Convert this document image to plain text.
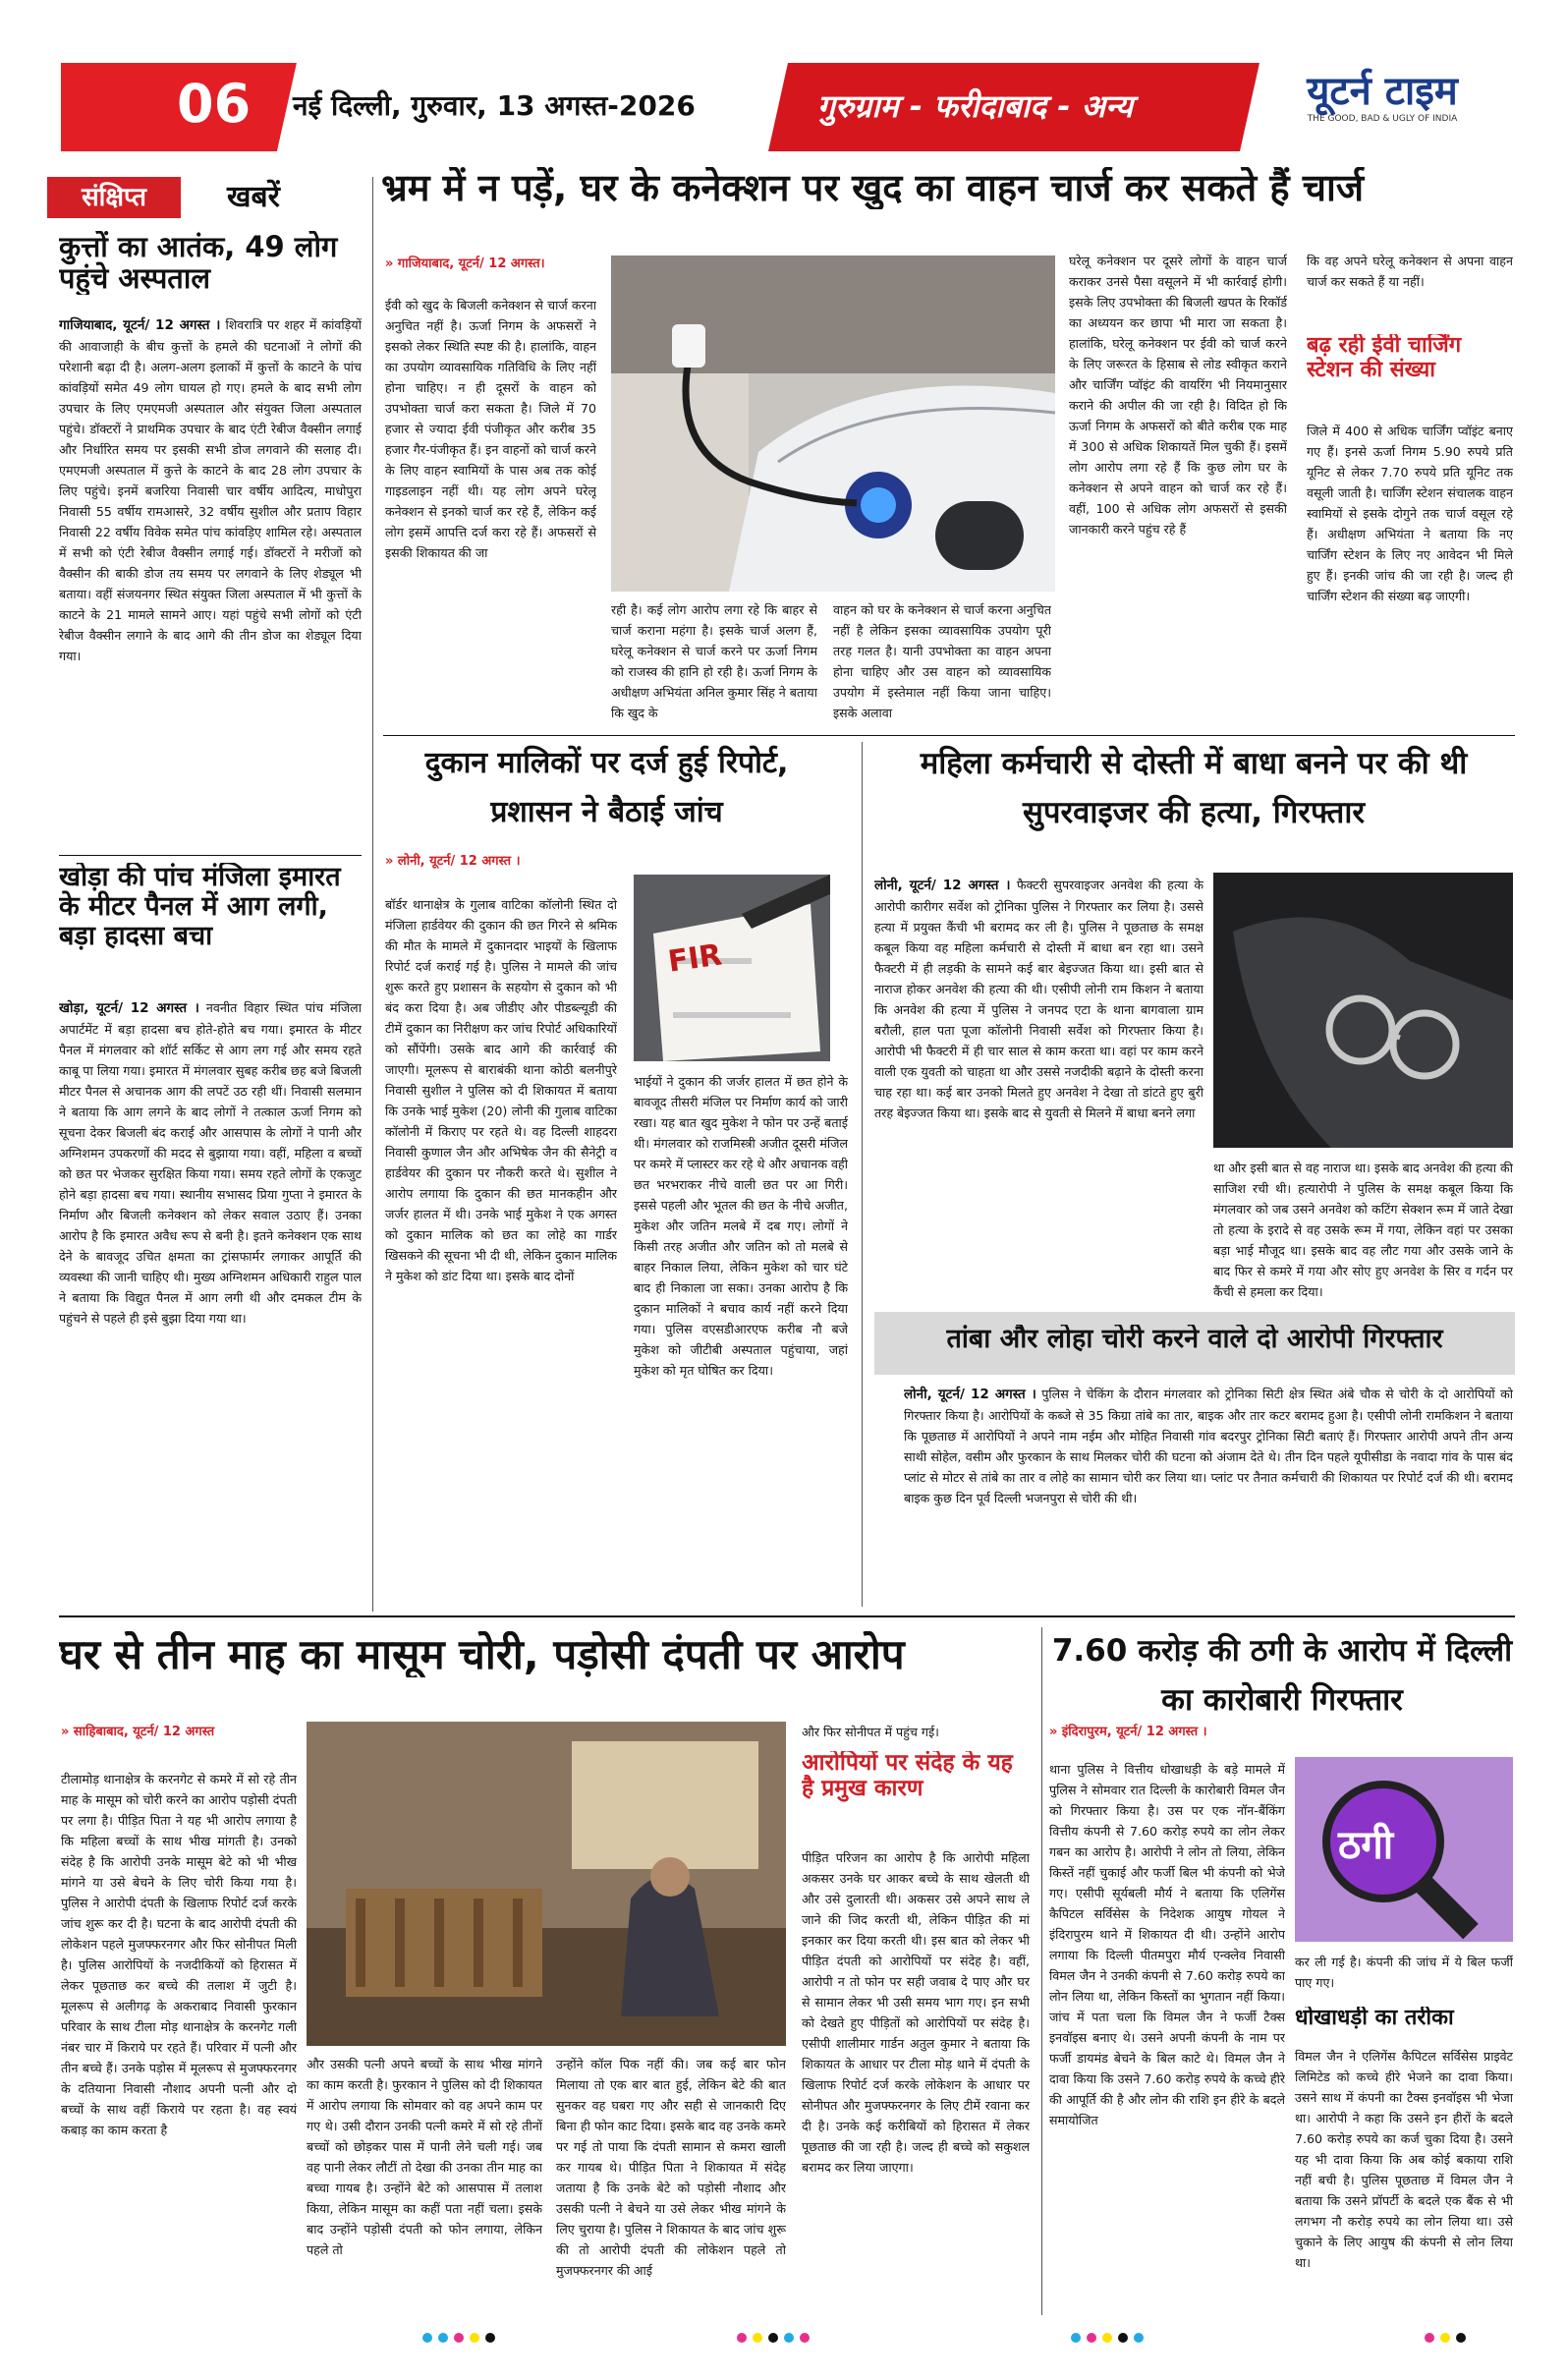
06 नई दिल्ली, गुरुवार, 13 अगस्त-2026	गुरुग्राम - फरीदाबाद - अन्य	यूटर्न टाइम
THE GOOD, BAD & UGLY OF INDIA
संक्षिप्त	खबरें
कुत्तों का आतंक, 49 लोग पहुंचे अस्पताल
गाजियाबाद, यूटर्न/ 12 अगस्त । शिवरात्रि पर शहर में कांवड़ियों की आवाजाही के बीच कुत्तों के हमले की घटनाओं ने लोगों की परेशानी बढ़ा दी है। अलग-अलग इलाकों में कुत्तों के काटने के पांच कांवड़ियों समेत 49 लोग घायल हो गए। हमले के बाद सभी लोग उपचार के लिए एमएमजी अस्पताल और संयुक्त जिला अस्पताल पहुंचे। डॉक्टरों ने प्राथमिक उपचार के बाद एंटी रेबीज वैक्सीन लगाई और निर्धारित समय पर इसकी सभी डोज लगवाने की सलाह दी। एमएमजी अस्पताल में कुत्ते के काटने के बाद 28 लोग उपचार के लिए पहुंचे। इनमें बजरिया निवासी चार वर्षीय आदित्य, माधोपुरा निवासी 55 वर्षीय रामआसरे, 32 वर्षीय सुशील और प्रताप विहार निवासी 22 वर्षीय विवेक समेत पांच कांवड़िए शामिल रहे। अस्पताल में सभी को एंटी रेबीज वैक्सीन लगाई गई। डॉक्टरों ने मरीजों को वैक्सीन की बाकी डोज तय समय पर लगवाने के लिए शेड्यूल भी बताया। वहीं संजयनगर स्थित संयुक्त जिला अस्पताल में भी कुत्तों के काटने के 21 मामले सामने आए। यहां पहुंचे सभी लोगों को एंटी रेबीज वैक्सीन लगाने के बाद आगे की तीन डोज का शेड्यूल दिया गया।
खोड़ा की पांच मंजिला इमारत के मीटर पैनल में आग लगी, बड़ा हादसा बचा
खोड़ा, यूटर्न/ 12 अगस्त । नवनीत विहार स्थित पांच मंजिला अपार्टमेंट में बड़ा हादसा बच होते-होते बच गया। इमारत के मीटर पैनल में मंगलवार को शॉर्ट सर्किट से आग लग गई और समय रहते काबू पा लिया गया। इमारत में मंगलवार सुबह करीब छह बजे बिजली मीटर पैनल से अचानक आग की लपटें उठ रही थीं। निवासी सलमान ने बताया कि आग लगने के बाद लोगों ने तत्काल ऊर्जा निगम को सूचना देकर बिजली बंद कराई और आसपास के लोगों ने पानी और अग्निशमन उपकरणों की मदद से बुझाया गया। वहीं, महिला व बच्चों को छत पर भेजकर सुरक्षित किया गया। समय रहते लोगों के एकजुट होने बड़ा हादसा बच गया। स्थानीय सभासद प्रिया गुप्ता ने इमारत के निर्माण और बिजली कनेक्शन को लेकर सवाल उठाए हैं। उनका आरोप है कि इमारत अवैध रूप से बनी है। इतने कनेक्शन एक साथ देने के बावजूद उचित क्षमता का ट्रांसफार्मर लगाकर आपूर्ति की व्यवस्था की जानी चाहिए थी। मुख्य अग्निशमन अधिकारी राहुल पाल ने बताया कि विद्युत पैनल में आग लगी थी और दमकल टीम के पहुंचने से पहले ही इसे बुझा दिया गया था।
भ्रम में न पड़ें, घर के कनेक्शन पर खुद का वाहन चार्ज कर सकते हैं चार्ज
» गाजियाबाद, यूटर्न/ 12 अगस्त।
ईवी को खुद के बिजली कनेक्शन से चार्ज करना अनुचित नहीं है। ऊर्जा निगम के अफसरों ने इसको लेकर स्थिति स्पष्ट की है। हालांकि, वाहन का उपयोग व्यावसायिक गतिविधि के लिए नहीं होना चाहिए। न ही दूसरों के वाहन को उपभोक्ता चार्ज करा सकता है। जिले में 70 हजार से ज्यादा ईवी पंजीकृत और करीब 35 हजार गैर-पंजीकृत हैं। इन वाहनों को चार्ज करने के लिए वाहन स्वामियों के पास अब तक कोई गाइडलाइन नहीं थी। यह लोग अपने घरेलू कनेक्शन से इनको चार्ज कर रहे हैं, लेकिन कई लोग इसमें आपत्ति दर्ज करा रहे हैं। अफसरों से इसकी शिकायत की जा
रही है। कई लोग आरोप लगा रहे कि बाहर से चार्ज कराना महंगा है। इसके चार्ज अलग हैं, घरेलू कनेक्शन से चार्ज करने पर ऊर्जा निगम को राजस्व की हानि हो रही है। ऊर्जा निगम के अधीक्षण अभियंता अनिल कुमार सिंह ने बताया कि खुद के
वाहन को घर के कनेक्शन से चार्ज करना अनुचित नहीं है लेकिन इसका व्यावसायिक उपयोग पूरी तरह गलत है। यानी उपभोक्ता का वाहन अपना होना चाहिए और उस वाहन को व्यावसायिक उपयोग में इस्तेमाल नहीं किया जाना चाहिए। इसके अलावा
घरेलू कनेक्शन पर दूसरे लोगों के वाहन चार्ज कराकर उनसे पैसा वसूलने में भी कार्रवाई होगी। इसके लिए उपभोक्ता की बिजली खपत के रिकॉर्ड का अध्ययन कर छापा भी मारा जा सकता है। हालांकि, घरेलू कनेक्शन पर ईवी को चार्ज करने के लिए जरूरत के हिसाब से लोड स्वीकृत कराने और चार्जिंग प्वॉइंट की वायरिंग भी नियमानुसार कराने की अपील की जा रही है। विदित हो कि ऊर्जा निगम के अफसरों को बीते करीब एक माह में 300 से अधिक शिकायतें मिल चुकी हैं। इसमें लोग आरोप लगा रहे हैं कि कुछ लोग घर के कनेक्शन से अपने वाहन को चार्ज कर रहे हैं। वहीं, 100 से अधिक लोग अफसरों से इसकी जानकारी करने पहुंच रहे हैं
कि वह अपने घरेलू कनेक्शन से अपना वाहन चार्ज कर सकते हैं या नहीं।
बढ़ रही ईवी चार्जिंग स्टेशन की संख्या
जिले में 400 से अधिक चार्जिंग प्वॉइंट बनाए गए हैं। इनसे ऊर्जा निगम 5.90 रुपये प्रति यूनिट से लेकर 7.70 रुपये प्रति यूनिट तक वसूली जाती है। चार्जिंग स्टेशन संचालक वाहन स्वामियों से इसके दोगुने तक चार्ज वसूल रहे हैं। अधीक्षण अभियंता ने बताया कि नए चार्जिंग स्टेशन के लिए नए आवेदन भी मिले हुए हैं। इनकी जांच की जा रही है। जल्द ही चार्जिंग स्टेशन की संख्या बढ़ जाएगी।
दुकान मालिकों पर दर्ज हुई रिपोर्ट, प्रशासन ने बैठाई जांच
» लोनी, यूटर्न/ 12 अगस्त ।
बॉर्डर थानाक्षेत्र के गुलाब वाटिका कॉलोनी स्थित दो मंजिला हार्डवेयर की दुकान की छत गिरने से श्रमिक की मौत के मामले में दुकानदार भाइयों के खिलाफ रिपोर्ट दर्ज कराई गई है। पुलिस ने मामले की जांच शुरू करते हुए प्रशासन के सहयोग से दुकान को भी बंद करा दिया है। अब जीडीए और पीडब्ल्यूडी की टीमें दुकान का निरीक्षण कर जांच रिपोर्ट अधिकारियों को सौंपेंगी। उसके बाद आगे की कार्रवाई की जाएगी। मूलरूप से बाराबंकी थाना कोठी बलनीपुरे निवासी सुशील ने पुलिस को दी शिकायत में बताया कि उनके भाई मुकेश (20) लोनी की गुलाब वाटिका कॉलोनी में किराए पर रहते थे। वह दिल्ली शाहदरा निवासी कुणाल जैन और अभिषेक जैन की सैनेट्री व हार्डवेयर की दुकान पर नौकरी करते थे। सुशील ने आरोप लगाया कि दुकान की छत मानकहीन और जर्जर हालत में थी। उनके भाई मुकेश ने एक अगस्त को दुकान मालिक को छत का लोहे का गार्डर खिसकने की सूचना भी दी थी, लेकिन दुकान मालिक ने मुकेश को डांट दिया था। इसके बाद दोनों
FIR
भाईयों ने दुकान की जर्जर हालत में छत होने के बावजूद तीसरी मंजिल पर निर्माण कार्य को जारी रखा। यह बात खुद मुकेश ने फोन पर उन्हें बताई थी। मंगलवार को राजमिस्त्री अजीत दूसरी मंजिल पर कमरे में प्लास्टर कर रहे थे और अचानक वही छत भरभराकर नीचे वाली छत पर आ गिरी। इससे पहली और भूतल की छत के नीचे अजीत, मुकेश और जतिन मलबे में दब गए। लोगों ने किसी तरह अजीत और जतिन को तो मलबे से बाहर निकाल लिया, लेकिन मुकेश को चार घंटे बाद ही निकाला जा सका। उनका आरोप है कि दुकान मालिकों ने बचाव कार्य नहीं करने दिया गया। पुलिस वएसडीआरएफ करीब नौ बजे मुकेश को जीटीबी अस्पताल पहुंचाया, जहां मुकेश को मृत घोषित कर दिया।
महिला कर्मचारी से दोस्ती में बाधा बनने पर की थी सुपरवाइजर की हत्या, गिरफ्तार
लोनी, यूटर्न/ 12 अगस्त । फैक्टरी सुपरवाइजर अनवेश की हत्या के आरोपी कारीगर सर्वेश को ट्रोनिका पुलिस ने गिरफ्तार कर लिया है। उससे हत्या में प्रयुक्त कैंची भी बरामद कर ली है। पुलिस ने पूछताछ के समक्ष कबूल किया वह महिला कर्मचारी से दोस्ती में बाधा बन रहा था। उसने फैक्टरी में ही लड़की के सामने कई बार बेइज्जत किया था। इसी बात से नाराज होकर अनवेश की हत्या की थी। एसीपी लोनी राम किशन ने बताया कि अनवेश की हत्या में पुलिस ने जनपद एटा के थाना बागवाला ग्राम बरौली, हाल पता पूजा कॉलोनी निवासी सर्वेश को गिरफ्तार किया है। आरोपी भी फैक्टरी में ही चार साल से काम करता था। वहां पर काम करने वाली एक युवती को चाहता था और उससे नजदीकी बढ़ाने के दोस्ती करना चाह रहा था। कई बार उनको मिलते हुए अनवेश ने देखा तो डांटते हुए बुरी तरह बेइज्जत किया था। इसके बाद से युवती से मिलने में बाधा बनने लगा
था और इसी बात से वह नाराज था। इसके बाद अनवेश की हत्या की साजिश रची थी। हत्यारोपी ने पुलिस के समक्ष कबूल किया कि मंगलवार को जब उसने अनवेश को कटिंग सेक्शन रूम में जाते देखा तो हत्या के इरादे से वह उसके रूम में गया, लेकिन वहां पर उसका बड़ा भाई मौजूद था। इसके बाद वह लौट गया और उसके जाने के बाद फिर से कमरे में गया और सोए हुए अनवेश के सिर व गर्दन पर कैंची से हमला कर दिया।
तांबा और लोहा चोरी करने वाले दो आरोपी गिरफ्तार
लोनी, यूटर्न/ 12 अगस्त । पुलिस ने चेकिंग के दौरान मंगलवार को ट्रोनिका सिटी क्षेत्र स्थित अंबे चौक से चोरी के दो आरोपियों को गिरफ्तार किया है। आरोपियों के कब्जे से 35 किग्रा तांबे का तार, बाइक और तार कटर बरामद हुआ है। एसीपी लोनी रामकिशन ने बताया कि पूछताछ में आरोपियों ने अपने नाम नईम और मोहित निवासी गांव बदरपुर ट्रोनिका सिटी बताएं हैं। गिरफ्तार आरोपी अपने तीन अन्य साथी सोहेल, वसीम और फुरकान के साथ मिलकर चोरी की घटना को अंजाम देते थे। तीन दिन पहले यूपीसीडा के नवादा गांव के पास बंद प्लांट से मोटर से तांबे का तार व लोहे का सामान चोरी कर लिया था। प्लांट पर तैनात कर्मचारी की शिकायत पर रिपोर्ट दर्ज की थी। बरामद बाइक कुछ दिन पूर्व दिल्ली भजनपुरा से चोरी की थी।
घर से तीन माह का मासूम चोरी, पड़ोसी दंपती पर आरोप
» साहिबाबाद, यूटर्न/ 12 अगस्त
टीलामोड़ थानाक्षेत्र के करनगेट से कमरे में सो रहे तीन माह के मासूम को चोरी करने का आरोप पड़ोसी दंपती पर लगा है। पीड़ित पिता ने यह भी आरोप लगाया है कि महिला बच्चों के साथ भीख मांगती है। उनको संदेह है कि आरोपी उनके मासूम बेटे को भी भीख मांगने या उसे बेचने के लिए चोरी किया गया है। पुलिस ने आरोपी दंपती के खिलाफ रिपोर्ट दर्ज करके जांच शुरू कर दी है। घटना के बाद आरोपी दंपती की लोकेशन पहले मुजफ्फरनगर और फिर सोनीपत मिली है। पुलिस आरोपियों के नजदीकियों को हिरासत में लेकर पूछताछ कर बच्चे की तलाश में जुटी है। मूलरूप से अलीगढ़ के अकराबाद निवासी फुरकान परिवार के साथ टीला मोड़ थानाक्षेत्र के करनगेट गली नंबर चार में किराये पर रहते हैं। परिवार में पत्नी और तीन बच्चे हैं। उनके पड़ोस में मूलरूप से मुजफ्फरनगर के दतियाना निवासी नौशाद अपनी पत्नी और दो बच्चों के साथ वहीं किराये पर रहता है। वह स्वयं कबाड़ का काम करता है
और उसकी पत्नी अपने बच्चों के साथ भीख मांगने का काम करती है। फुरकान ने पुलिस को दी शिकायत में आरोप लगाया कि सोमवार को वह अपने काम पर गए थे। उसी दौरान उनकी पत्नी कमरे में सो रहे तीनों बच्चों को छोड़कर पास में पानी लेने चली गई। जब वह पानी लेकर लौटीं तो देखा की उनका तीन माह का बच्चा गायब है। उन्होंने बेटे को आसपास में तलाश किया, लेकिन मासूम का कहीं पता नहीं चला। इसके बाद उन्होंने पड़ोसी दंपती को फोन लगाया, लेकिन पहले तो
उन्होंने कॉल पिक नहीं की। जब कई बार फोन मिलाया तो एक बार बात हुई, लेकिन बेटे की बात सुनकर वह घबरा गए और सही से जानकारी दिए बिना ही फोन काट दिया। इसके बाद वह उनके कमरे पर गई तो पाया कि दंपती सामान से कमरा खाली कर गायब थे। पीड़ित पिता ने शिकायत में संदेह जताया है कि उनके बेटे को पड़ोसी नौशाद और उसकी पत्नी ने बेचने या उसे लेकर भीख मांगने के लिए चुराया है। पुलिस ने शिकायत के बाद जांच शुरू की तो आरोपी दंपती की लोकेशन पहले तो मुजफ्फरनगर की आई
और फिर सोनीपत में पहुंच गई।
आरोपियों पर संदेह के यह है प्रमुख कारण
पीड़ित परिजन का आरोप है कि आरोपी महिला अकसर उनके घर आकर बच्चे के साथ खेलती थी और उसे दुलारती थी। अकसर उसे अपने साथ ले जाने की जिद करती थी, लेकिन पीड़ित की मां इनकार कर दिया करती थी। इस बात को लेकर भी पीड़ित दंपती को आरोपियों पर संदेह है। वहीं, आरोपी न तो फोन पर सही जवाब दे पाए और घर से सामान लेकर भी उसी समय भाग गए। इन सभी को देखते हुए पीड़ितों को आरोपियों पर संदेह है। एसीपी शालीमार गार्डन अतुल कुमार ने बताया कि शिकायत के आधार पर टीला मोड़ थाने में दंपती के खिलाफ रिपोर्ट दर्ज करके लोकेशन के आधार पर सोनीपत और मुजफ्फरनगर के लिए टीमें रवाना कर दी है। उनके कई करीबियों को हिरासत में लेकर पूछताछ की जा रही है। जल्द ही बच्चे को सकुशल बरामद कर लिया जाएगा।
7.60 करोड़ की ठगी के आरोप में दिल्ली का कारोबारी गिरफ्तार
» इंदिरापुरम, यूटर्न/ 12 अगस्त ।
ठगी
थाना पुलिस ने वित्तीय धोखाधड़ी के बड़े मामले में पुलिस ने सोमवार रात दिल्ली के कारोबारी विमल जैन को गिरफ्तार किया है। उस पर एक नॉन-बैंकिंग वित्तीय कंपनी से 7.60 करोड़ रुपये का लोन लेकर गबन का आरोप है। आरोपी ने लोन तो लिया, लेकिन किस्तें नहीं चुकाई और फर्जी बिल भी कंपनी को भेजे गए। एसीपी सूर्यबली मौर्य ने बताया कि एलिगेंस कैपिटल सर्विसेस के निदेशक आयुष गोयल ने इंदिरापुरम थाने में शिकायत दी थी। उन्होंने आरोप लगाया कि दिल्ली पीतमपुरा मौर्य एन्क्लेव निवासी विमल जैन ने उनकी कंपनी से 7.60 करोड़ रुपये का लोन लिया था, लेकिन किस्तों का भुगतान नहीं किया। जांच में पता चला कि विमल जैन ने फर्जी टैक्स इनवॉइस बनाए थे। उसने अपनी कंपनी के नाम पर फर्जी डायमंड बेचने के बिल काटे थे। विमल जैन ने दावा किया कि उसने 7.60 करोड़ रुपये के कच्चे हीरे की आपूर्ति की है और लोन की राशि इन हीरे के बदले समायोजित
कर ली गई है। कंपनी की जांच में ये बिल फर्जी पाए गए।
धोखाधड़ी का तरीका
विमल जैन ने एलिगेंस कैपिटल सर्विसेस प्राइवेट लिमिटेड को कच्चे हीरे भेजने का दावा किया। उसने साथ में कंपनी का टैक्स इनवॉइस भी भेजा था। आरोपी ने कहा कि उसने इन हीरों के बदले 7.60 करोड़ रुपये का कर्ज चुका दिया है। उसने यह भी दावा किया कि अब कोई बकाया राशि नहीं बची है। पुलिस पूछताछ में विमल जैन ने बताया कि उसने प्रॉपर्टी के बदले एक बैंक से भी लगभग नौ करोड़ रुपये का लोन लिया था। उसे चुकाने के लिए आयुष की कंपनी से लोन लिया था।
